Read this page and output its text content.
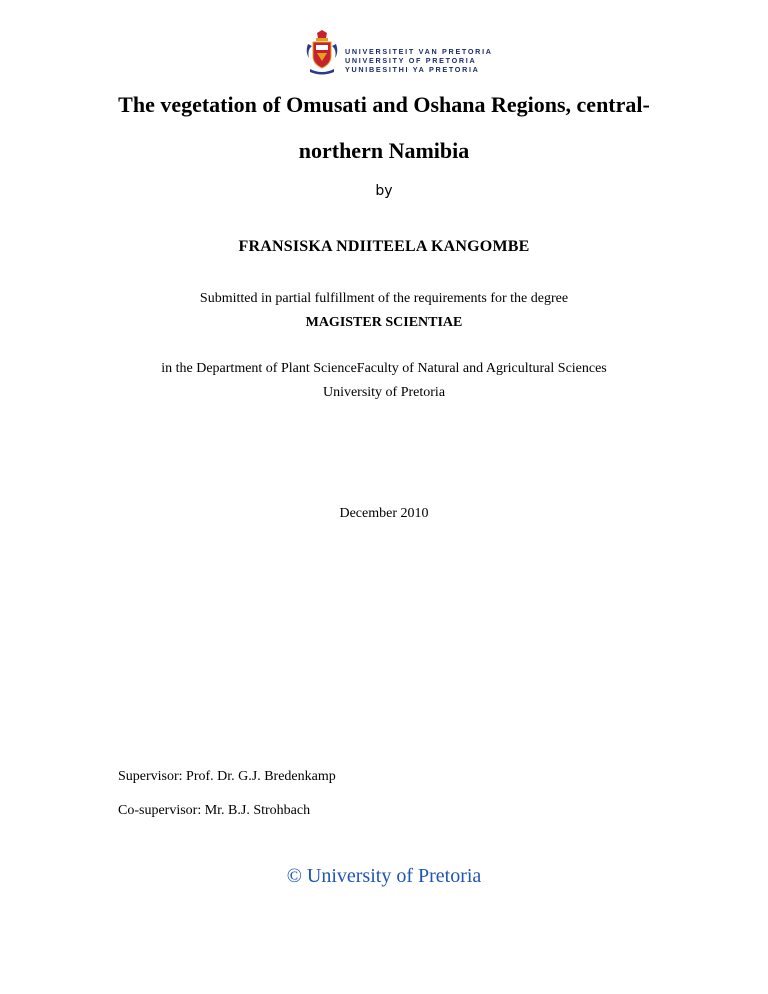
UNIVERSITEIT VAN PRETORIA
UNIVERSITY OF PRETORIA
YUNIBESITHI YA PRETORIA
The vegetation of Omusati and Oshana Regions, central-northern Namibia
by
FRANSISKA NDIITEELA KANGOMBE
Submitted in partial fulfillment of the requirements for the degree
MAGISTER SCIENTIAE
in the Department of Plant ScienceFaculty of Natural and Agricultural Sciences
University of Pretoria
December 2010
Supervisor: Prof. Dr. G.J. Bredenkamp
Co-supervisor: Mr. B.J. Strohbach
© University of Pretoria
